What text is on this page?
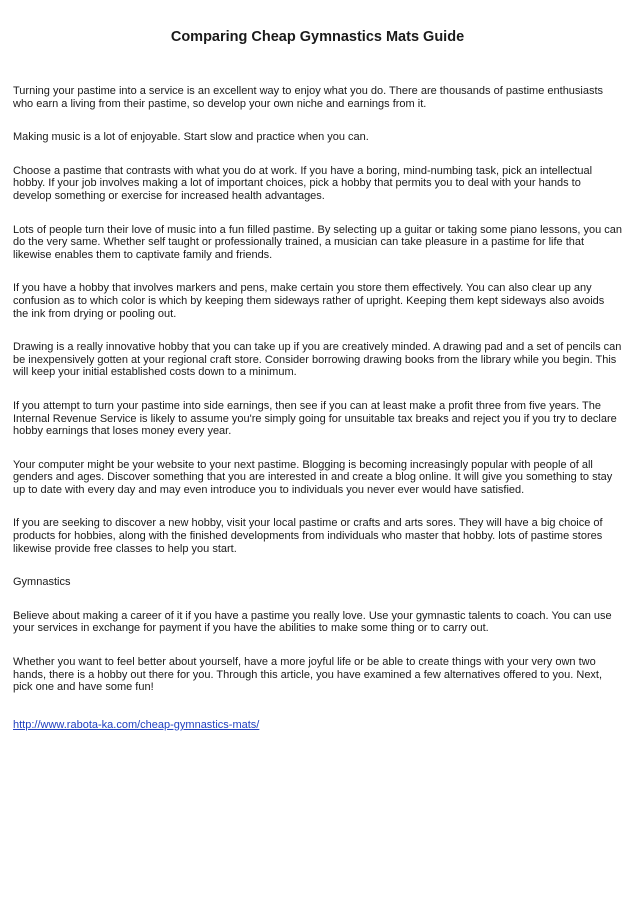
Comparing Cheap Gymnastics Mats Guide

Turning your pastime into a service is an excellent way to enjoy what you do. There are thousands of pastime enthusiasts who earn a living from their pastime, so develop your own niche and earnings from it.

Making music is a lot of enjoyable. Start slow and practice when you can.

Choose a pastime that contrasts with what you do at work. If you have a boring, mind-numbing task, pick an intellectual hobby. If your job involves making a lot of important choices, pick a hobby that permits you to deal with your hands to develop something or exercise for increased health advantages.

Lots of people turn their love of music into a fun filled pastime. By selecting up a guitar or taking some piano lessons, you can do the very same. Whether self taught or professionally trained, a musician can take pleasure in a pastime for life that likewise enables them to captivate family and friends.

If you have a hobby that involves markers and pens, make certain you store them effectively. You can also clear up any confusion as to which color is which by keeping them sideways rather of upright. Keeping them kept sideways also avoids the ink from drying or pooling out.

Drawing is a really innovative hobby that you can take up if you are creatively minded. A drawing pad and a set of pencils can be inexpensively gotten at your regional craft store. Consider borrowing drawing books from the library while you begin. This will keep your initial established costs down to a minimum.

If you attempt to turn your pastime into side earnings, then see if you can at least make a profit three from five years. The Internal Revenue Service is likely to assume you're simply going for unsuitable tax breaks and reject you if you try to declare hobby earnings that loses money every year.

Your computer might be your website to your next pastime. Blogging is becoming increasingly popular with people of all genders and ages. Discover something that you are interested in and create a blog online. It will give you something to stay up to date with every day and may even introduce you to individuals you never ever would have satisfied.

If you are seeking to discover a new hobby, visit your local pastime or crafts and arts sores. They will have a big choice of products for hobbies, along with the finished developments from individuals who master that hobby. lots of pastime stores likewise provide free classes to help you start.

Gymnastics

Believe about making a career of it if you have a pastime you really love. Use your gymnastic talents to coach. You can use your services in exchange for payment if you have the abilities to make some thing or to carry out.

Whether you want to feel better about yourself, have a more joyful life or be able to create things with your very own two hands, there is a hobby out there for you. Through this article, you have examined a few alternatives offered to you. Next, pick one and have some fun!

http://www.rabota-ka.com/cheap-gymnastics-mats/
